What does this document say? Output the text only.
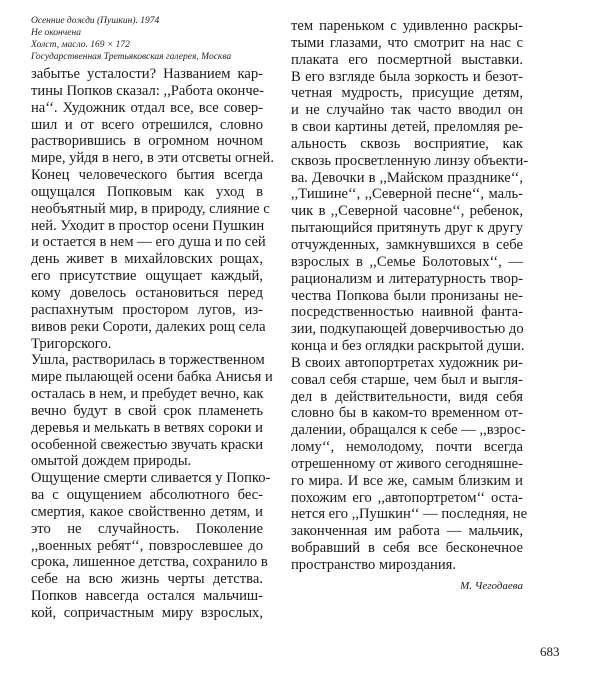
Осенние дожди (Пушкин). 1974
Не окончена
Холст, масло. 169 × 172
Государственная Третьяковская галерея, Москва
забытье усталости? Названием кар-
тины Попков сказал: ,,Работа оконче-
на‘‘. Художник отдал все, все совер-
шил и от всего отрешился, словно
растворившись в огромном ночном
мире, уйдя в него, в эти отсветы огней.
Конец человеческого бытия всегда
ощущался Попковым как уход в
необъятный мир, в природу, слияние с
ней. Уходит в простор осени Пушкин
и остается в нем — его душа и по сей
день живет в михайловских рощах,
его присутствие ощущает каждый,
кому довелось остановиться перед
распахнутым простором лугов, из-
вивов реки Сороти, далеких рощ села
Тригорского.
Ушла, растворилась в торжественном
мире пылающей осени бабка Анисья и
осталась в нем, и пребудет вечно, как
вечно будут в свой срок пламенеть
деревья и мелькать в ветвях сороки и
особенной свежестью звучать краски
омытой дождем природы.
Ощущение смерти сливается у Попко-
ва с ощущением абсолютного бес-
смертия, какое свойственно детям, и
это не случайность. Поколение
,,военных ребят‘‘, повзрослевшее до
срока, лишенное детства, сохранило в
себе на всю жизнь черты детства.
Попков навсегда остался мальчиш-
кой, сопричастным миру взрослых,
тем пареньком с удивленно раскры-
тыми глазами, что смотрит на нас с
плаката его посмертной выставки.
В его взгляде была зоркость и безот-
четная мудрость, присущие детям,
и не случайно так часто вводил он
в свои картины детей, преломляя ре-
альность сквозь восприятие, как
сквозь просветленную линзу объекти-
ва. Девочки в ,,Майском празднике‘‘,
,,Тишине‘‘, ,,Северной песне‘‘, маль-
чик в ,,Северной часовне‘‘, ребенок,
пытающийся притянуть друг к другу
отчужденных, замкнувшихся в себе
взрослых в ,,Семье Болотовых‘‘, —
рационализм и литературность твор-
чества Попкова были пронизаны не-
посредственностью наивной фанта-
зии, подкупающей доверчивостью до
конца и без оглядки раскрытой души.
В своих автопортретах художник ри-
совал себя старше, чем был и выгля-
дел в действительности, видя себя
словно бы в каком-то временном от-
далении, обращался к себе — ,,взрос-
лому‘‘, немолодому, почти всегда
отрешенному от живого сегодняшне-
го мира. И все же, самым близким и
похожим его ,,автопортретом‘‘ оста-
нется его ,,Пушкин‘‘ — последняя, не
законченная им работа — мальчик,
вобравший в себя все бесконечное
пространство мироздания.
М. Чегодаева
683
